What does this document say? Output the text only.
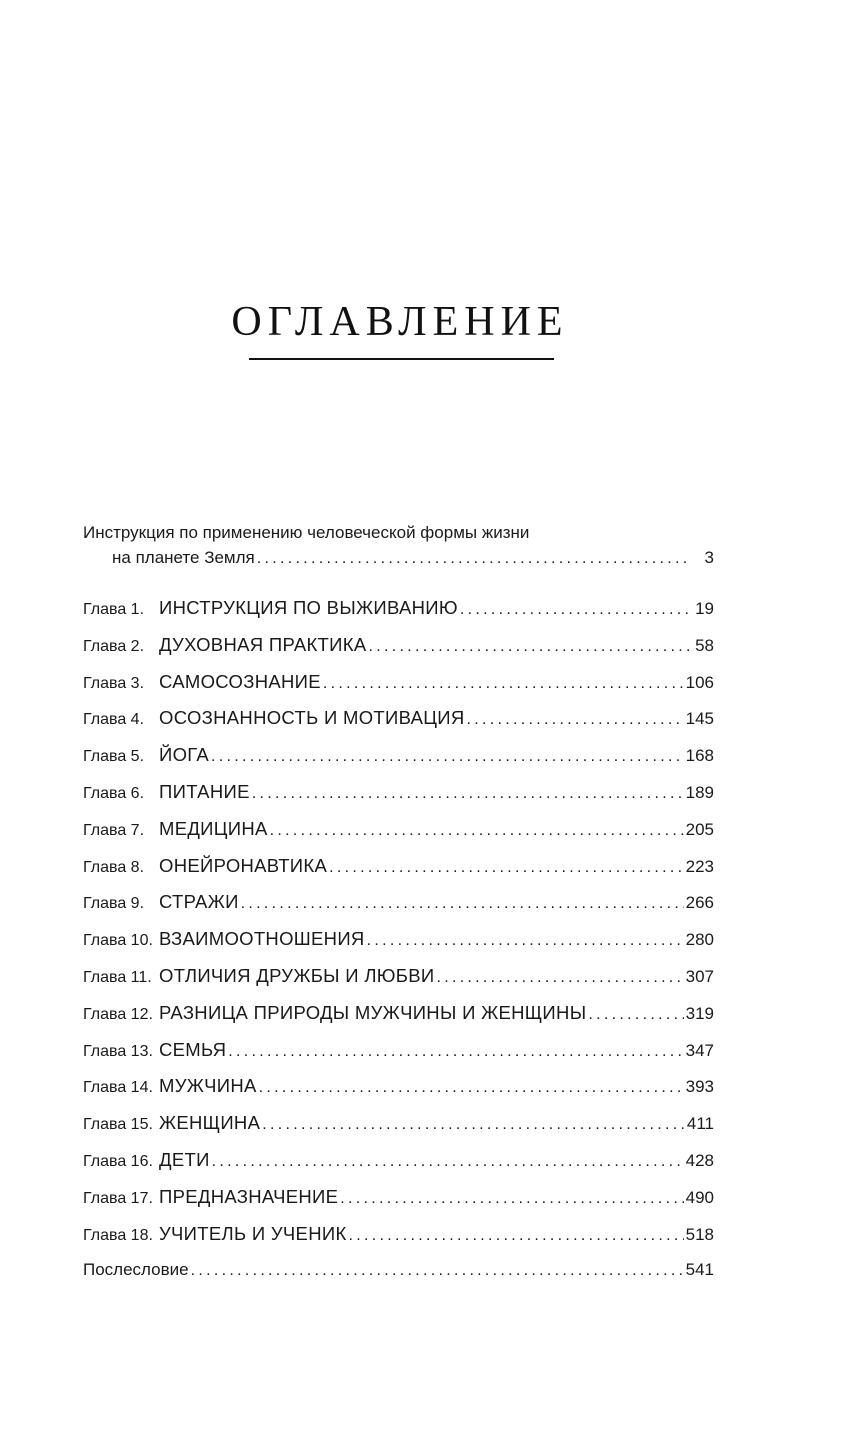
ОГЛАВЛЕНИЕ
Инструкция по применению человеческой формы жизни
на планете Земля .....	3
Глава 1. ИНСТРУКЦИЯ ПО ВЫЖИВАНИЮ .....	19
Глава 2. ДУХОВНАЯ ПРАКТИКА .....	58
Глава 3. САМОСОЗНАНИЕ .....	106
Глава 4. ОСОЗНАННОСТЬ И МОТИВАЦИЯ .....	145
Глава 5. ЙОГА .....	168
Глава 6. ПИТАНИЕ .....	189
Глава 7. МЕДИЦИНА .....	205
Глава 8. ОНЕЙРОНАВТИКА .....	223
Глава 9. СТРАЖИ .....	266
Глава 10. ВЗАИМООТНОШЕНИЯ .....	280
Глава 11. ОТЛИЧИЯ ДРУЖБЫ И ЛЮБВИ .....	307
Глава 12. РАЗНИЦА ПРИРОДЫ МУЖЧИНЫ И ЖЕНЩИНЫ .....	319
Глава 13. СЕМЬЯ .....	347
Глава 14. МУЖЧИНА .....	393
Глава 15. ЖЕНЩИНА .....	411
Глава 16. ДЕТИ .....	428
Глава 17. ПРЕДНАЗНАЧЕНИЕ .....	490
Глава 18. УЧИТЕЛЬ И УЧЕНИК .....	518
Послесловие .....	541
